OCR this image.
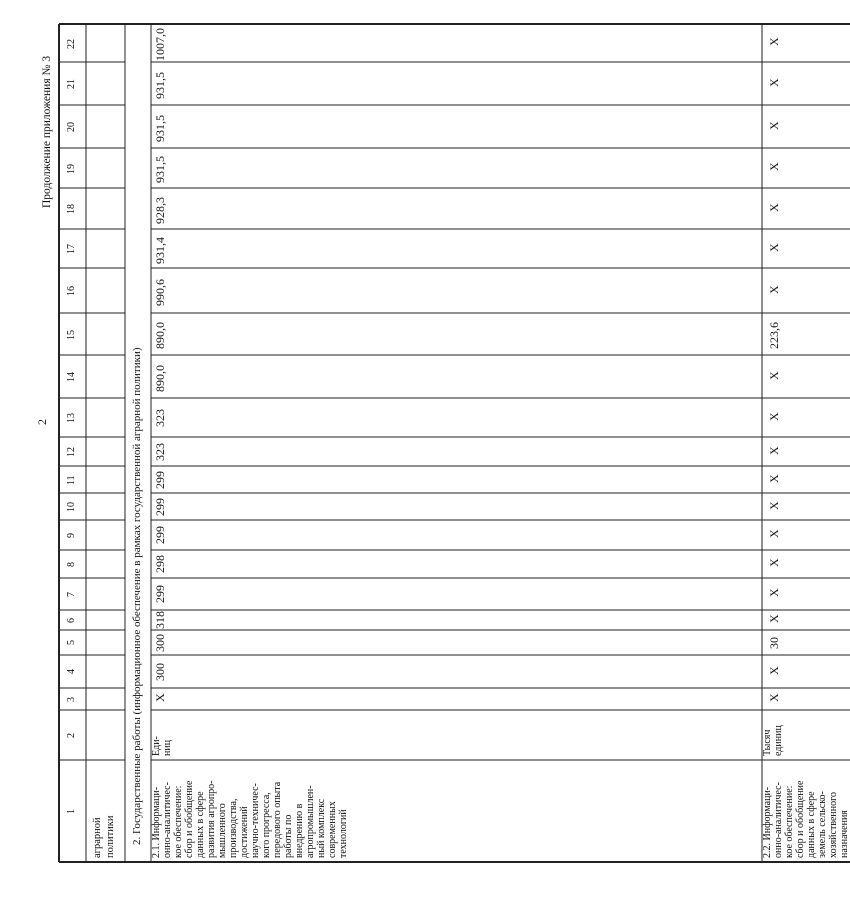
2
Продолжение приложения № 3
1
2
3
4
5
6
7
8
9
10
11
12
13
14
15
16
17
18
19
20
21
22
аграрной политики 2. Государственные работы (информационное обеспечение в рамках государственной аграрной политики) 2.1. Информаци- онно-аналитичес- кое обеспечение: сбор и обобщение данных в сфере развития агропро- мышленного производства, достижений научно-техничес- кого прогресса, передового опыта работы по внедрению в агропромышлен- ный комплекс современных технологий
Еди- ниц
X
300
300
318
299
298
299
299
299
323
323
890,0
890,0
990,6
931,4
928,3
931,5
931,5
931,5
1007,0
2.2. Информаци- онно-аналитичес- кое обеспечение: сбор и обобщение данных в сфере земель сельско- хозяйственного назначения
Тысяч единиц
X
X
30
X
X
X
X
X
X
X
X
X
223,6
X
X
X
X
X
X
X
